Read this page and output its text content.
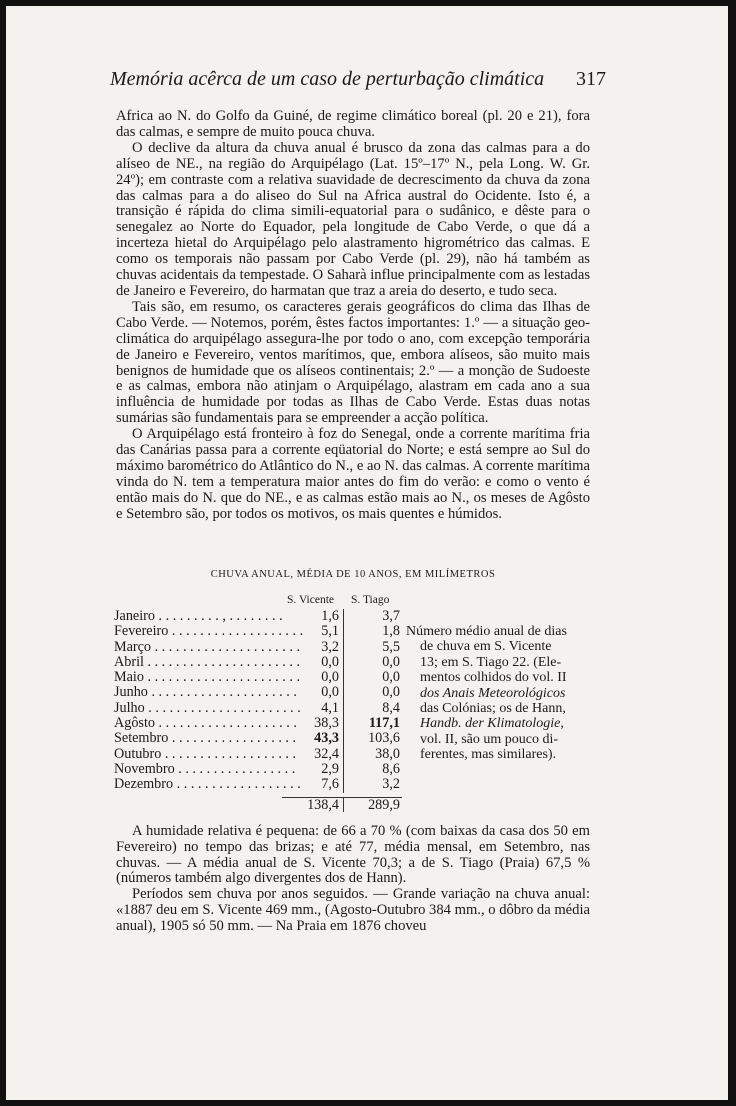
Memória acêrca de um caso de perturbação climática 317

Africa ao N. do Golfo da Guiné, de regime climático boreal (pl. 20 e 21), fora das calmas, e sempre de muito pouca chuva.

O declive da altura da chuva anual é brusco da zona das calmas para a do alíseo de NE., na região do Arquipélago (Lat. 15º–17º N., pela Long. W. Gr. 24º); em contraste com a relativa suavidade de decrescimento da chuva da zona das calmas para a do aliseo do Sul na Africa austral do Ocidente. Isto é, a transição é rápida do clima simili-equatorial para o sudânico, e dêste para o senegalez ao Norte do Equador, pela longitude de Cabo Verde, o que dá a incerteza hietal do Arquipélago pelo alastramento higrométrico das calmas. E como os temporais não passam por Cabo Verde (pl. 29), não há também as chuvas acidentais da tempestade. O Saharà influe principalmente com as lestadas de Janeiro e Fevereiro, do harmatan que traz a areia do deserto, e tudo seca.

Tais são, em resumo, os caracteres gerais geográficos do clima das Ilhas de Cabo Verde. — Notemos, porém, êstes factos importantes: 1.º — a situação geo-climática do arquipélago assegura-lhe por todo o ano, com excepção temporária de Janeiro e Fevereiro, ventos marítimos, que, embora alíseos, são muito mais benignos de humidade que os alíseos continentais; 2.º — a monção de Sudoeste e as calmas, embora não atinjam o Arquipélago, alastram em cada ano a sua influência de humidade por todas as Ilhas de Cabo Verde. Estas duas notas sumárias são fundamentais para se empreender a acção política.

O Arquipélago está fronteiro à foz do Senegal, onde a corrente marítima fria das Canárias passa para a corrente eqüatorial do Norte; e está sempre ao Sul do máximo barométrico do Atlântico do N., e ao N. das calmas. A corrente marítima vinda do N. tem a temperatura maior antes do fim do verão: e como o vento é então mais do N. que do NE., e as calmas estão mais ao N., os meses de Agôsto e Setembro são, por todos os motivos, os mais quentes e húmidos.

CHUVA ANUAL, MÉDIA DE 10 ANOS, EM MILÍMETROS
S. Vicente S. Tiago
Janeiro . . . . . . . . . , . . . . . . . .	1,6	3,7
Fevereiro . . . . . . . . . . . . . . . . . . .	5,1	1,8
Março . . . . . . . . . . . . . . . . . . . . .	3,2	5,5
Abril . . . . . . . . . . . . . . . . . . . . . .	0,0	0,0
Maio . . . . . . . . . . . . . . . . . . . . . .	0,0	0,0
Junho . . . . . . . . . . . . . . . . . . . . .	0,0	0,0
Julho . . . . . . . . . . . . . . . . . . . . . .	4,1	8,4
Agôsto . . . . . . . . . . . . . . . . . . . .	38,3	117,1
Setembro . . . . . . . . . . . . . . . . . .	43,3	103,6
Outubro . . . . . . . . . . . . . . . . . . .	32,4	38,0
Novembro . . . . . . . . . . . . . . . . .	2,9	8,6
Dezembro . . . . . . . . . . . . . . . . . .	7,6	3,2
138,4	289,9
Número médio anual de dias
de chuva em S. Vicente
13; em S. Tiago 22. (Ele-
mentos colhidos do vol. II
dos Anais Meteorológicos
das Colónias; os de Hann,
Handb. der Klimatologie,
vol. II, são um pouco di-
ferentes, mas similares).

A humidade relativa é pequena: de 66 a 70 % (com baixas da casa dos 50 em Fevereiro) no tempo das brizas; e até 77, média mensal, em Setembro, nas chuvas. — A média anual de S. Vicente 70,3; a de S. Tiago (Praia) 67,5 % (números também algo divergentes dos de Hann).

Períodos sem chuva por anos seguidos. — Grande variação na chuva anual: «1887 deu em S. Vicente 469 mm., (Agosto-Outubro 384 mm., o dôbro da média anual), 1905 só 50 mm. — Na Praia em 1876 choveu
